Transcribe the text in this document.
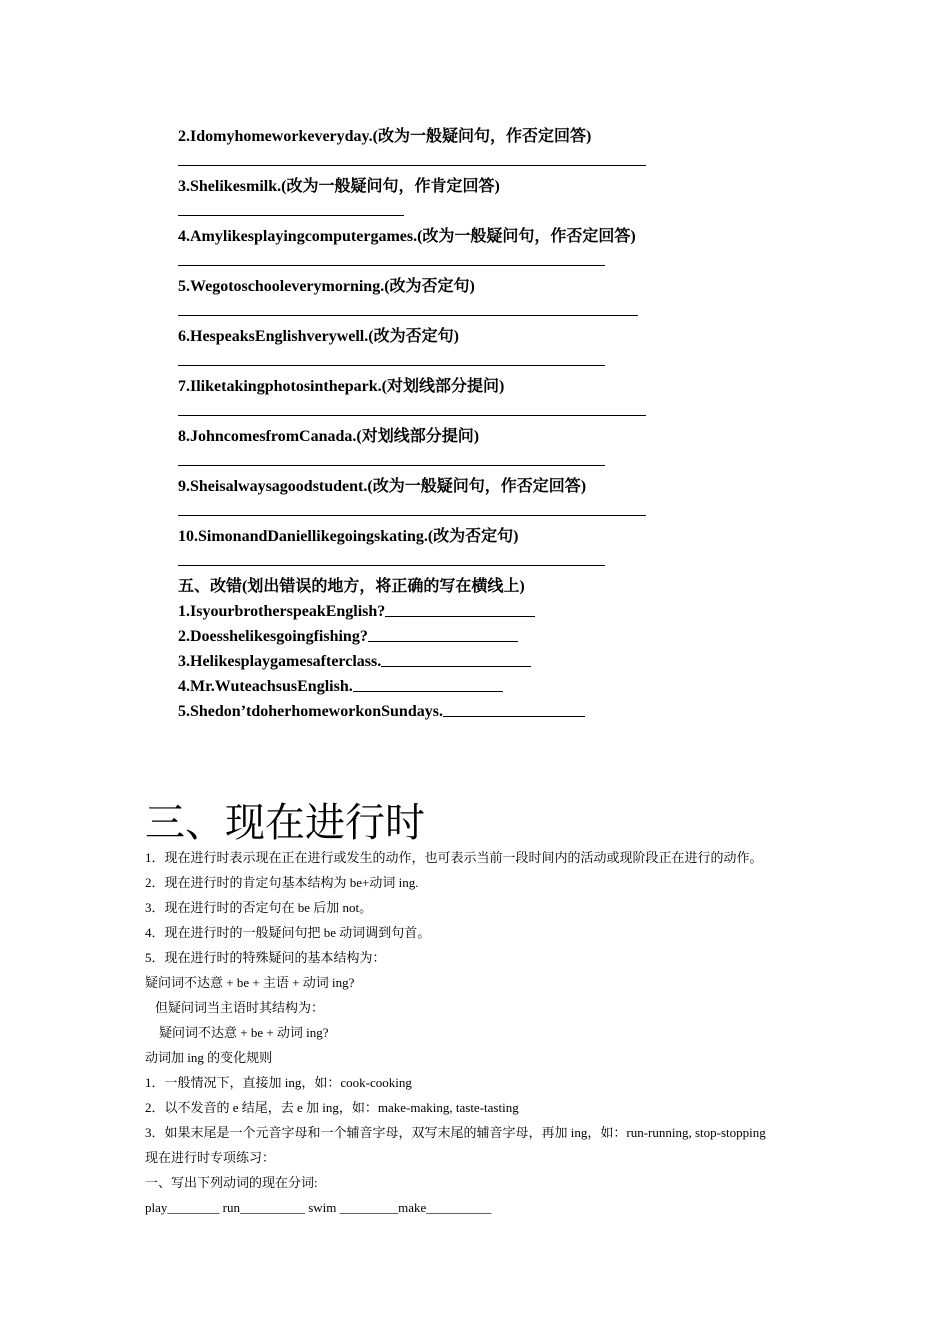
2.Idomyhomeworkeveryday.(改为一般疑问句，作否定回答)

3.Shelikesmilk.(改为一般疑问句，作肯定回答)

4.Amylikesplayingcomputergames.(改为一般疑问句，作否定回答)

5.Wegotoschooleverymorning.(改为否定句)

6.HespeaksEnglishverywell.(改为否定句)

7.Iliketakingphotosinthepark.(对划线部分提问)

8.JohncomesfromCanada.(对划线部分提问)

9.Sheisalwaysagoodstudent.(改为一般疑问句，作否定回答)

10.SimonandDaniellikegoingskating.(改为否定句)

五、改错(划出错误的地方，将正确的写在横线上)

1.IsyourbrotherspeakEnglish?

2.Doesshelikesgoingfishing?

3.Helikesplaygamesafterclass.

4.Mr.WuteachsusEnglish.

5.Shedon’tdoherhomeworkonSundays.

三、现在进行时

1．现在进行时表示现在正在进行或发生的动作，也可表示当前一段时间内的活动或现阶段正在进行的动作。

2．现在进行时的肯定句基本结构为 be+动词 ing.

3．现在进行时的否定句在 be 后加 not。

4．现在进行时的一般疑问句把 be 动词调到句首。

5．现在进行时的特殊疑问的基本结构为：

疑问词不达意 + be + 主语 + 动词 ing?

但疑问词当主语时其结构为：

疑问词不达意 + be + 动词 ing?

动词加 ing 的变化规则

1．一般情况下，直接加 ing，如：cook-cooking

2．以不发音的 e 结尾，去 e 加 ing，如：make-making, taste-tasting

3．如果末尾是一个元音字母和一个辅音字母，双写末尾的辅音字母，再加 ing，如：run-running, stop-stopping

现在进行时专项练习：

一、写出下列动词的现在分词:

play________ run__________ swim _________make__________
